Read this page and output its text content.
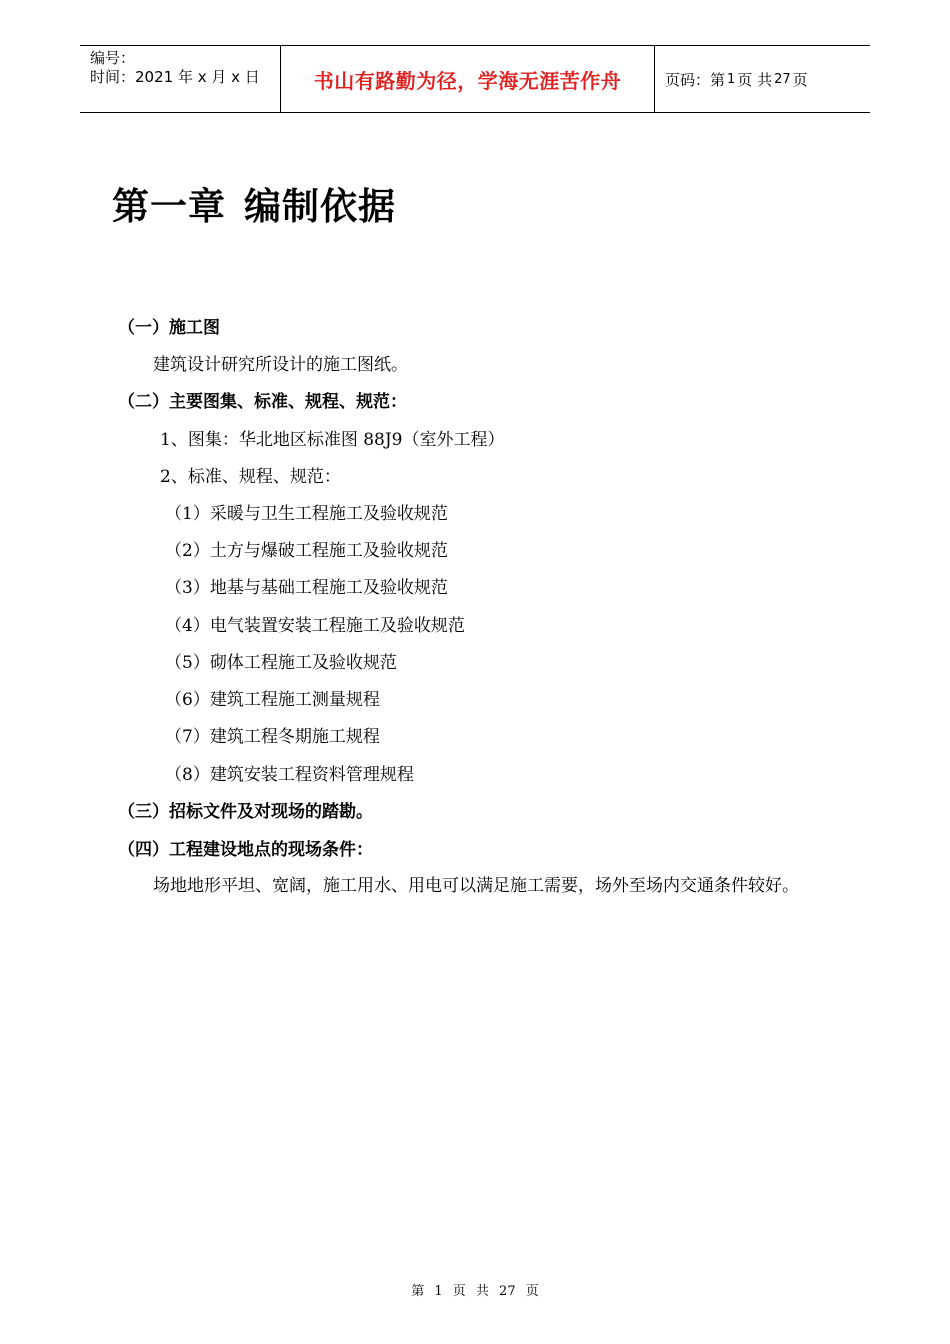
编号：
时间：2021 年 x 月 x 日	书山有路勤为径，学海无涯苦作舟	页码：第 1 页 共 27 页
第一章 编制依据
（一）施工图
建筑设计研究所设计的施工图纸。
（二）主要图集、标准、规程、规范：
1、图集：华北地区标准图 88J9（室外工程）
2、标准、规程、规范：
（1）采暖与卫生工程施工及验收规范
（2）土方与爆破工程施工及验收规范
（3）地基与基础工程施工及验收规范
（4）电气装置安装工程施工及验收规范
（5）砌体工程施工及验收规范
（6）建筑工程施工测量规程
（7）建筑工程冬期施工规程
（8）建筑安装工程资料管理规程
（三）招标文件及对现场的踏勘。
（四）工程建设地点的现场条件：
场地地形平坦、宽阔，施工用水、用电可以满足施工需要，场外至场内交通条件较好。
第 1 页 共 27 页
